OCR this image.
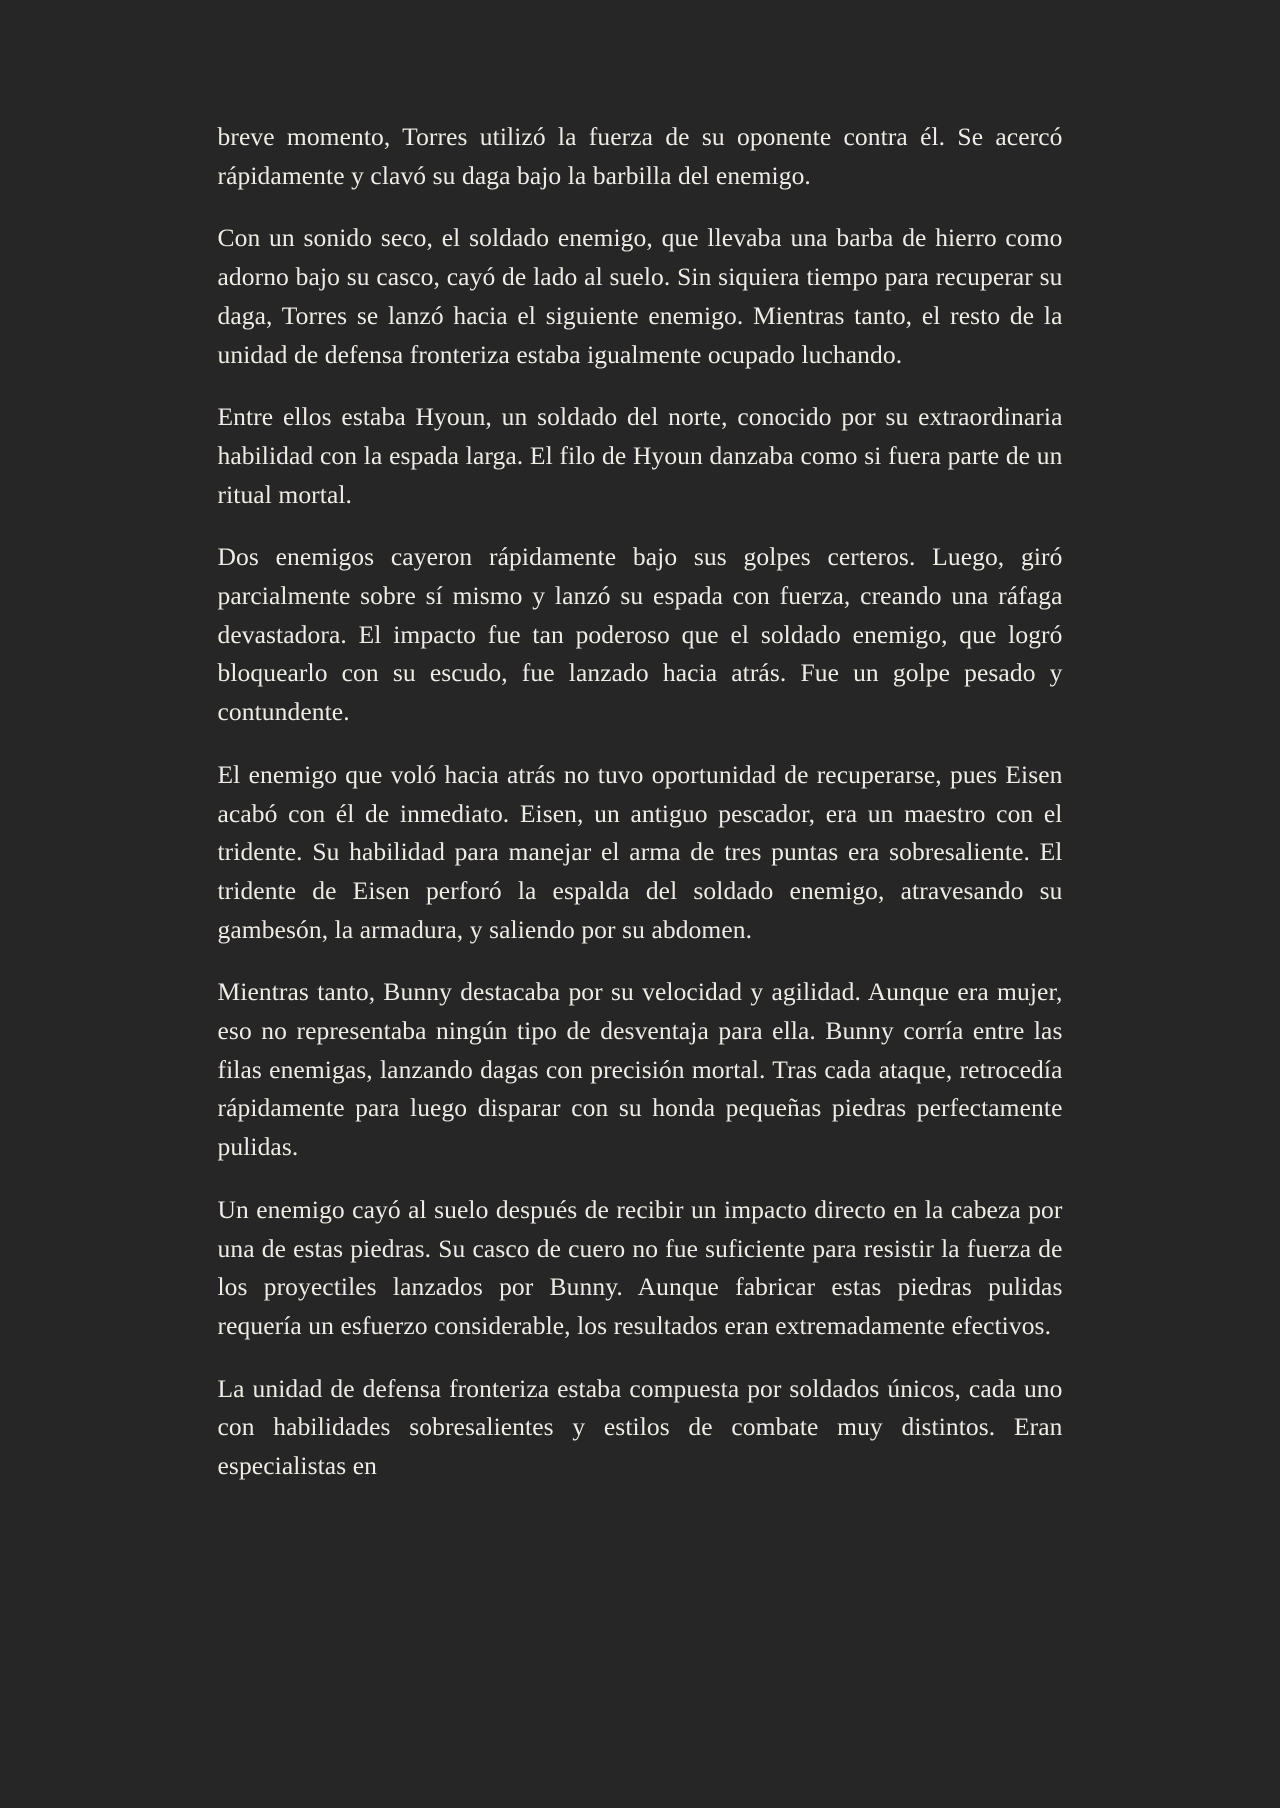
breve momento, Torres utilizó la fuerza de su oponente contra él. Se acercó rápidamente y clavó su daga bajo la barbilla del enemigo.

Con un sonido seco, el soldado enemigo, que llevaba una barba de hierro como adorno bajo su casco, cayó de lado al suelo. Sin siquiera tiempo para recuperar su daga, Torres se lanzó hacia el siguiente enemigo. Mientras tanto, el resto de la unidad de defensa fronteriza estaba igualmente ocupado luchando.

Entre ellos estaba Hyoun, un soldado del norte, conocido por su extraordinaria habilidad con la espada larga. El filo de Hyoun danzaba como si fuera parte de un ritual mortal.

Dos enemigos cayeron rápidamente bajo sus golpes certeros. Luego, giró parcialmente sobre sí mismo y lanzó su espada con fuerza, creando una ráfaga devastadora. El impacto fue tan poderoso que el soldado enemigo, que logró bloquearlo con su escudo, fue lanzado hacia atrás. Fue un golpe pesado y contundente.

El enemigo que voló hacia atrás no tuvo oportunidad de recuperarse, pues Eisen acabó con él de inmediato. Eisen, un antiguo pescador, era un maestro con el tridente. Su habilidad para manejar el arma de tres puntas era sobresaliente. El tridente de Eisen perforó la espalda del soldado enemigo, atravesando su gambesón, la armadura, y saliendo por su abdomen.

Mientras tanto, Bunny destacaba por su velocidad y agilidad. Aunque era mujer, eso no representaba ningún tipo de desventaja para ella. Bunny corría entre las filas enemigas, lanzando dagas con precisión mortal. Tras cada ataque, retrocedía rápidamente para luego disparar con su honda pequeñas piedras perfectamente pulidas.

Un enemigo cayó al suelo después de recibir un impacto directo en la cabeza por una de estas piedras. Su casco de cuero no fue suficiente para resistir la fuerza de los proyectiles lanzados por Bunny. Aunque fabricar estas piedras pulidas requería un esfuerzo considerable, los resultados eran extremadamente efectivos.

La unidad de defensa fronteriza estaba compuesta por soldados únicos, cada uno con habilidades sobresalientes y estilos de combate muy distintos. Eran especialistas en
